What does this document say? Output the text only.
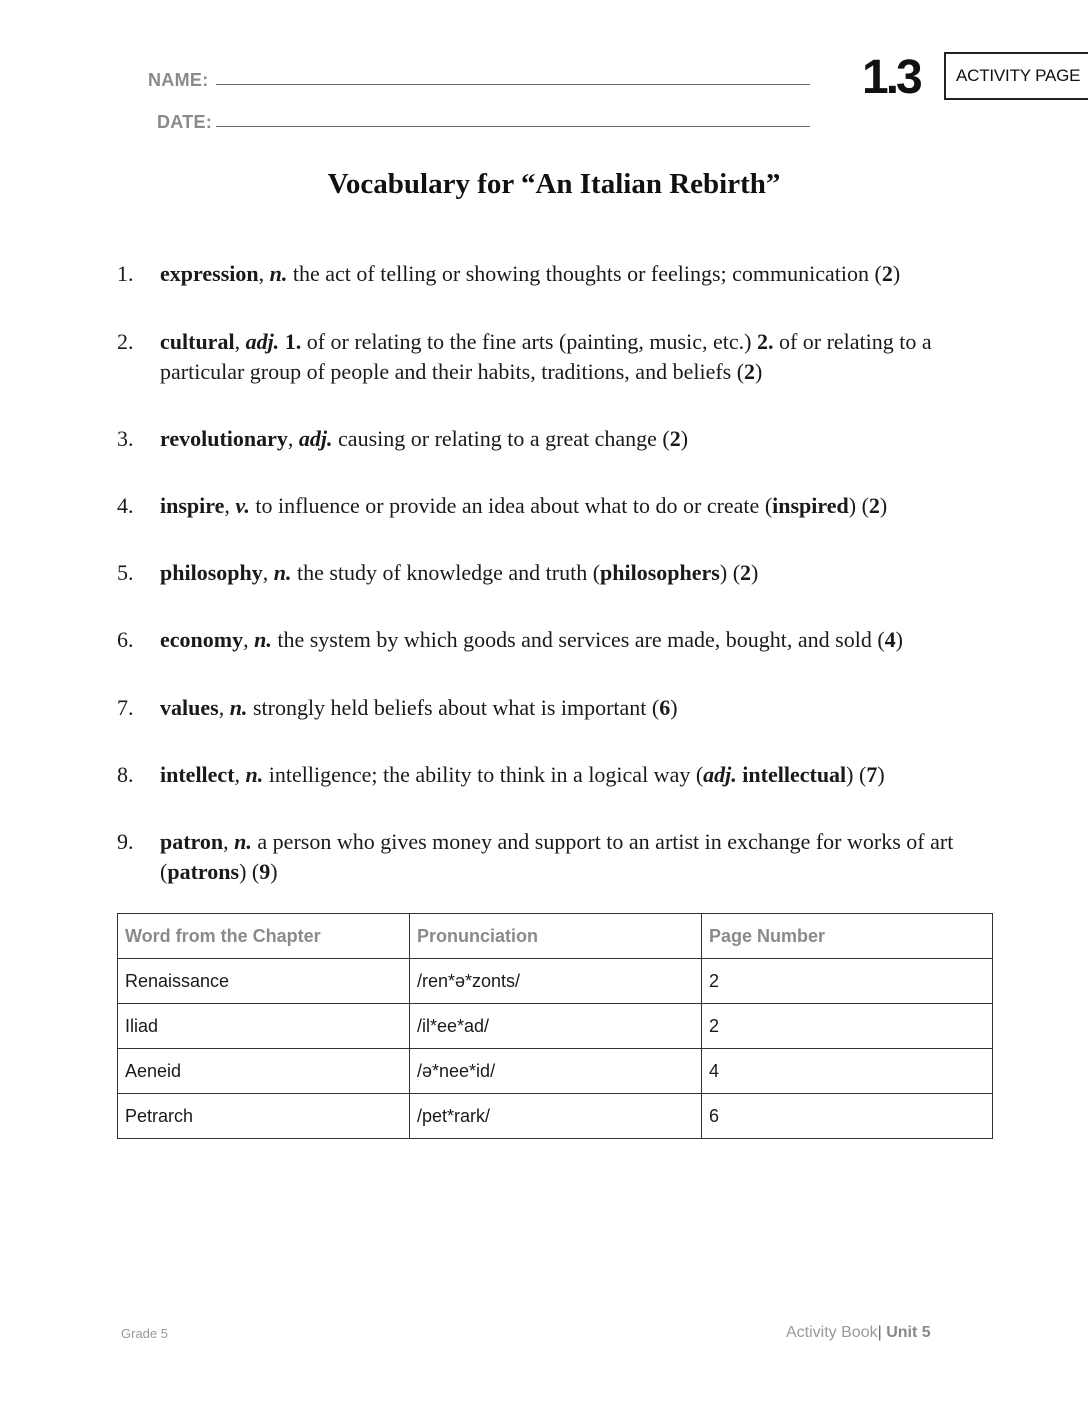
NAME:
DATE:
1.3 ACTIVITY PAGE
Vocabulary for “An Italian Rebirth”
1.	expression, n. the act of telling or showing thoughts or feelings; communication (2)
2.	cultural, adj. 1. of or relating to the fine arts (painting, music, etc.) 2. of or relating to a particular group of people and their habits, traditions, and beliefs (2)
3.	revolutionary, adj. causing or relating to a great change (2)
4.	inspire, v. to influence or provide an idea about what to do or create (inspired) (2)
5.	philosophy, n. the study of knowledge and truth (philosophers) (2)
6.	economy, n. the system by which goods and services are made, bought, and sold (4)
7.	values, n. strongly held beliefs about what is important (6)
8.	intellect, n. intelligence; the ability to think in a logical way (adj. intellectual) (7)
9.	patron, n. a person who gives money and support to an artist in exchange for works of art (patrons) (9)
Word from the Chapter	Pronunciation	Page Number
Renaissance	/ren*ə*zonts/	2
Iliad	/il*ee*ad/	2
Aeneid	/ə*nee*id/	4
Petrarch	/pet*rark/	6
Grade 5	Activity Book| Unit 5
